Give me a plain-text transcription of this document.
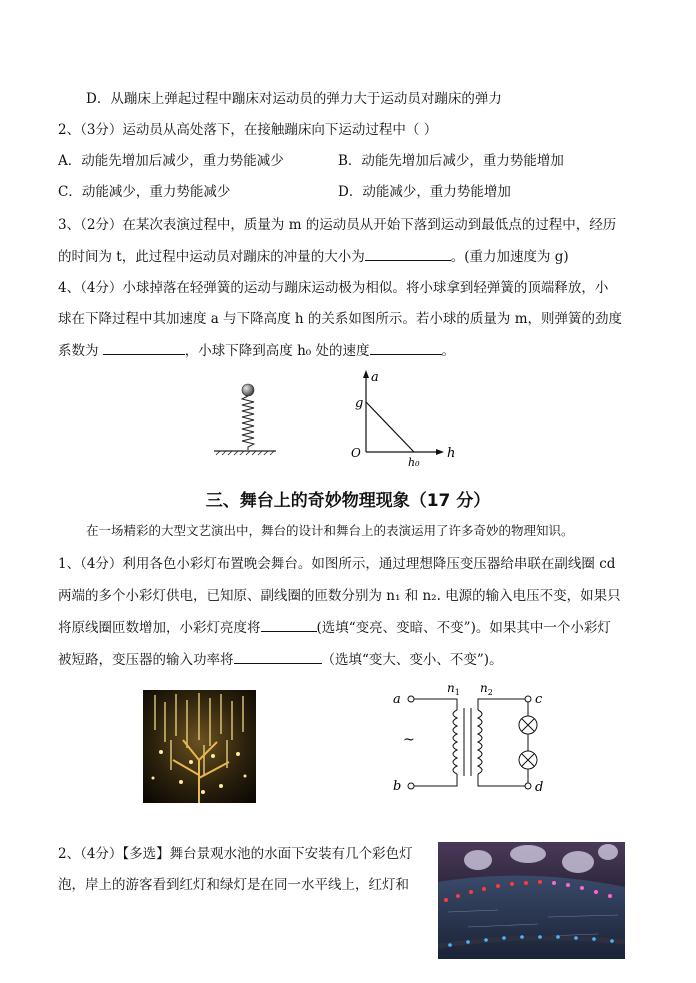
D．从蹦床上弹起过程中蹦床对运动员的弹力大于运动员对蹦床的弹力
2、（3分）运动员从高处落下，在接触蹦床向下运动过程中（ ）
A．动能先增加后减少，重力势能减少	B．动能先增加后减少，重力势能增加
C．动能减少，重力势能减少	D．动能减少，重力势能增加
3、（2分）在某次表演过程中，质量为 m 的运动员从开始下落到运动到最低点的过程中，经历
的时间为 t，此过程中运动员对蹦床的冲量的大小为	。(重力加速度为 g)
4、（4分）小球掉落在轻弹簧的运动与蹦床运动极为相似。将小球拿到轻弹簧的顶端释放，小
球在下降过程中其加速度 a 与下降高度 h 的关系如图所示。若小球的质量为 m，则弹簧的劲度
系数为	，小球下降到高度 h₀ 处的速度	。
a
g
O	h
h₀
三、舞台上的奇妙物理现象（17 分）
在一场精彩的大型文艺演出中，舞台的设计和舞台上的表演运用了许多奇妙的物理知识。
1、（4分）利用各色小彩灯布置晚会舞台。如图所示，通过理想降压变压器给串联在副线圈 cd
两端的多个小彩灯供电，已知原、副线圈的匝数分别为 n₁ 和 n₂. 电源的输入电压不变，如果只
将原线圈匝数增加，小彩灯亮度将	(选填“变亮、变暗、不变”)。如果其中一个小彩灯
被短路，变压器的输入功率将	（选填“变大、变小、不变”)。
$n_1$ $n_2$
a
b
c
d
~
2、（4分）【多选】舞台景观水池的水面下安装有几个彩色灯
泡，岸上的游客看到红灯和绿灯是在同一水平线上，红灯和
